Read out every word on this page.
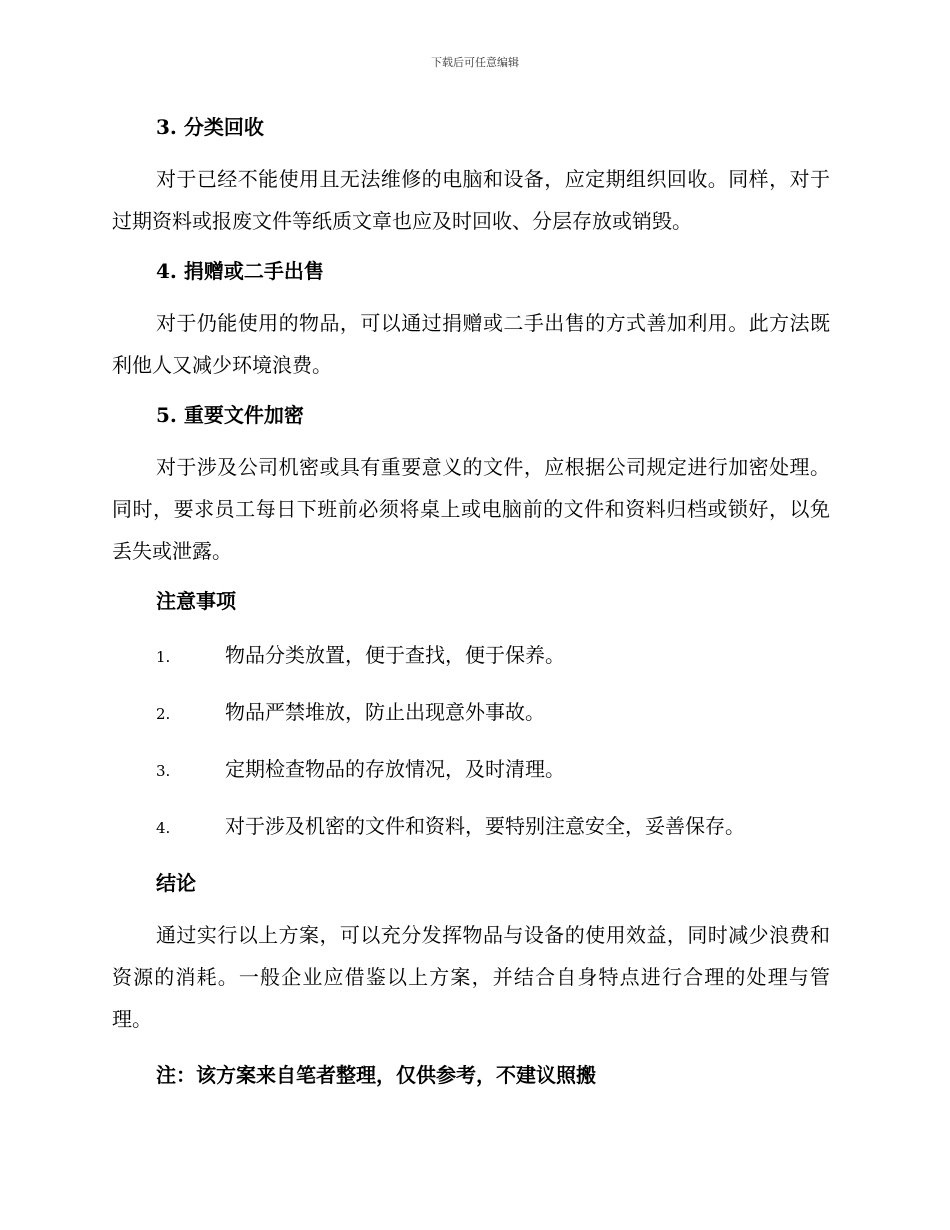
下载后可任意编辑

3. 分类回收

对于已经不能使用且无法维修的电脑和设备，应定期组织回收。同样，对于过期资料或报废文件等纸质文章也应及时回收、分层存放或销毁。

4. 捐赠或二手出售

对于仍能使用的物品，可以通过捐赠或二手出售的方式善加利用。此方法既利他人又减少环境浪费。

5. 重要文件加密

对于涉及公司机密或具有重要意义的文件，应根据公司规定进行加密处理。同时，要求员工每日下班前必须将桌上或电脑前的文件和资料归档或锁好，以免丢失或泄露。

注意事项

1.	物品分类放置，便于查找，便于保养。
2.	物品严禁堆放，防止出现意外事故。
3.	定期检查物品的存放情况，及时清理。
4.	对于涉及机密的文件和资料，要特别注意安全，妥善保存。

结论

通过实行以上方案，可以充分发挥物品与设备的使用效益，同时减少浪费和资源的消耗。一般企业应借鉴以上方案，并结合自身特点进行合理的处理与管理。

注：该方案来自笔者整理，仅供参考，不建议照搬
